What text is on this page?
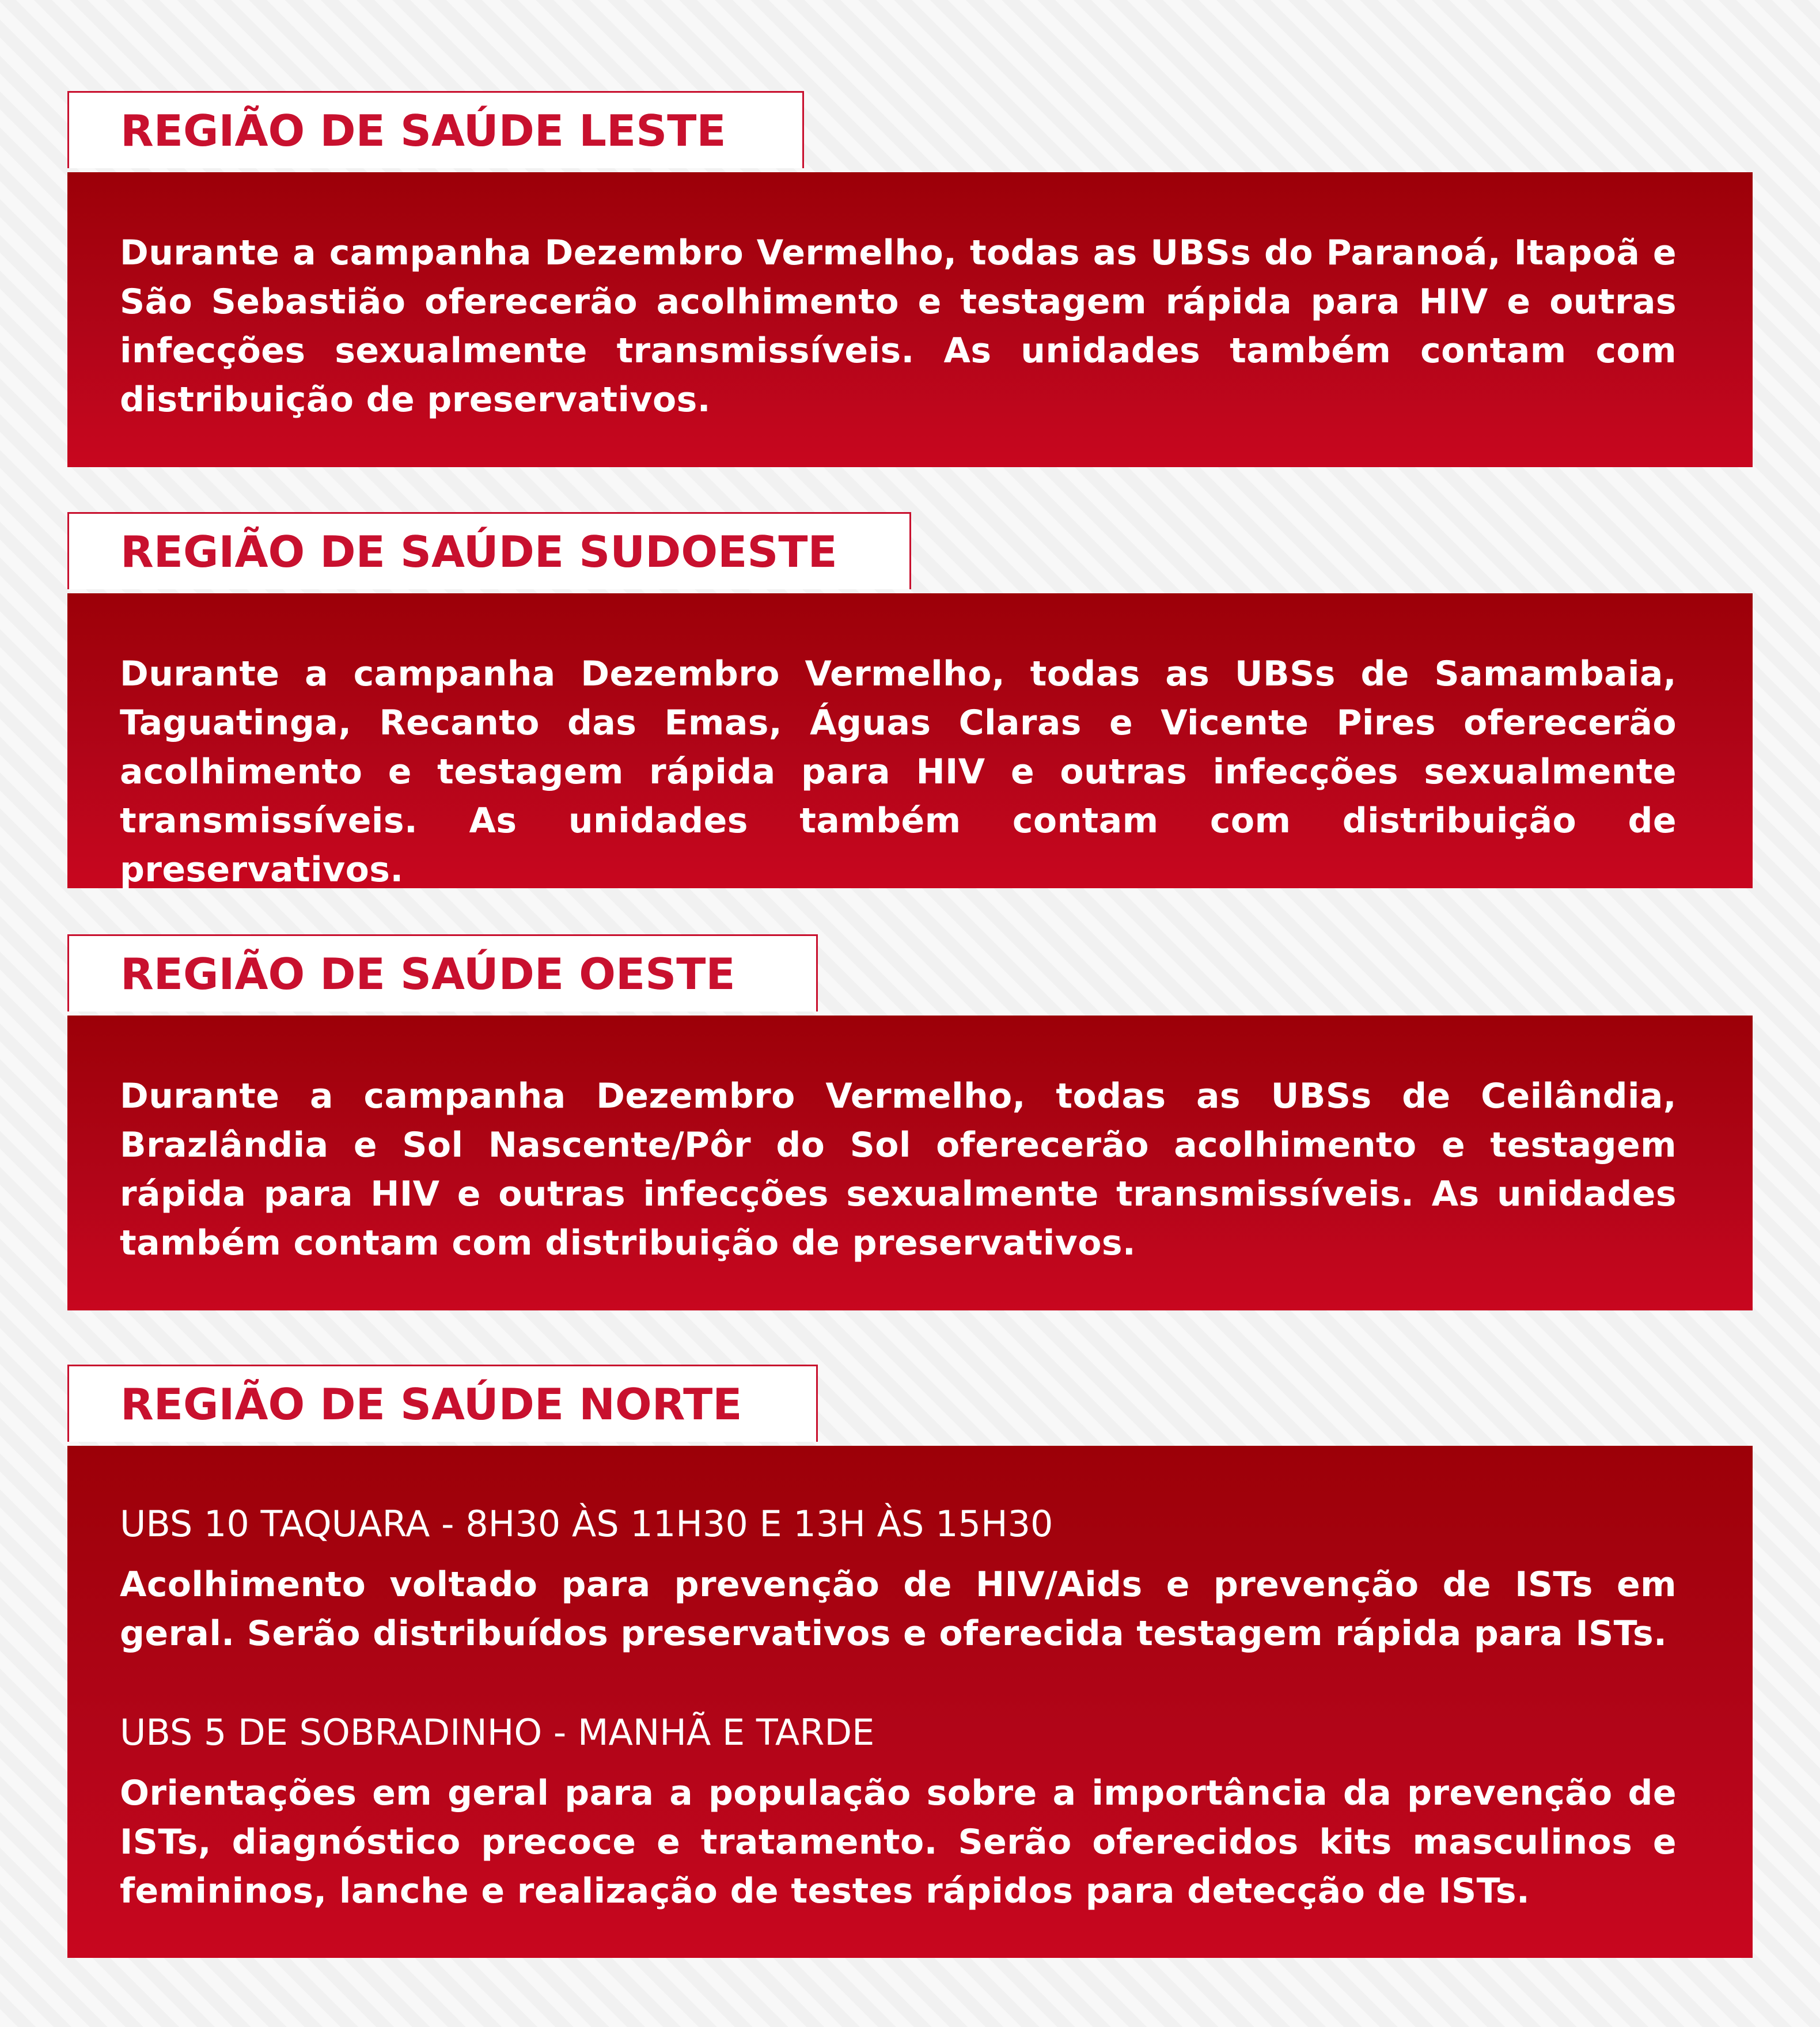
REGIÃO DE SAÚDE LESTE

Durante a campanha Dezembro Vermelho, todas as UBSs do Paranoá, Itapoã e São Sebastião oferecerão acolhimento e testagem rápida para HIV e outras infecções sexualmente transmissíveis. As unidades também contam com distribuição de preservativos.

REGIÃO DE SAÚDE SUDOESTE

Durante a campanha Dezembro Vermelho, todas as UBSs de Samambaia, Taguatinga, Recanto das Emas, Águas Claras e Vicente Pires oferecerão acolhimento e testagem rápida para HIV e outras infecções sexualmente transmissíveis. As unidades também contam com distribuição de preservativos.

REGIÃO DE SAÚDE OESTE

Durante a campanha Dezembro Vermelho, todas as UBSs de Ceilândia, Brazlândia e Sol Nascente/Pôr do Sol oferecerão acolhimento e testagem rápida para HIV e outras infecções sexualmente transmissíveis. As unidades também contam com distribuição de preservativos.

REGIÃO DE SAÚDE NORTE

UBS 10 TAQUARA - 8H30 ÀS 11H30 E 13H ÀS 15H30

Acolhimento voltado para prevenção de HIV/Aids e prevenção de ISTs em geral. Serão distribuídos preservativos e oferecida testagem rápida para ISTs.

UBS 5 DE SOBRADINHO - MANHÃ E TARDE

Orientações em geral para a população sobre a importância da prevenção de ISTs, diagnóstico precoce e tratamento. Serão oferecidos kits masculinos e femininos, lanche e realização de testes rápidos para detecção de ISTs.
